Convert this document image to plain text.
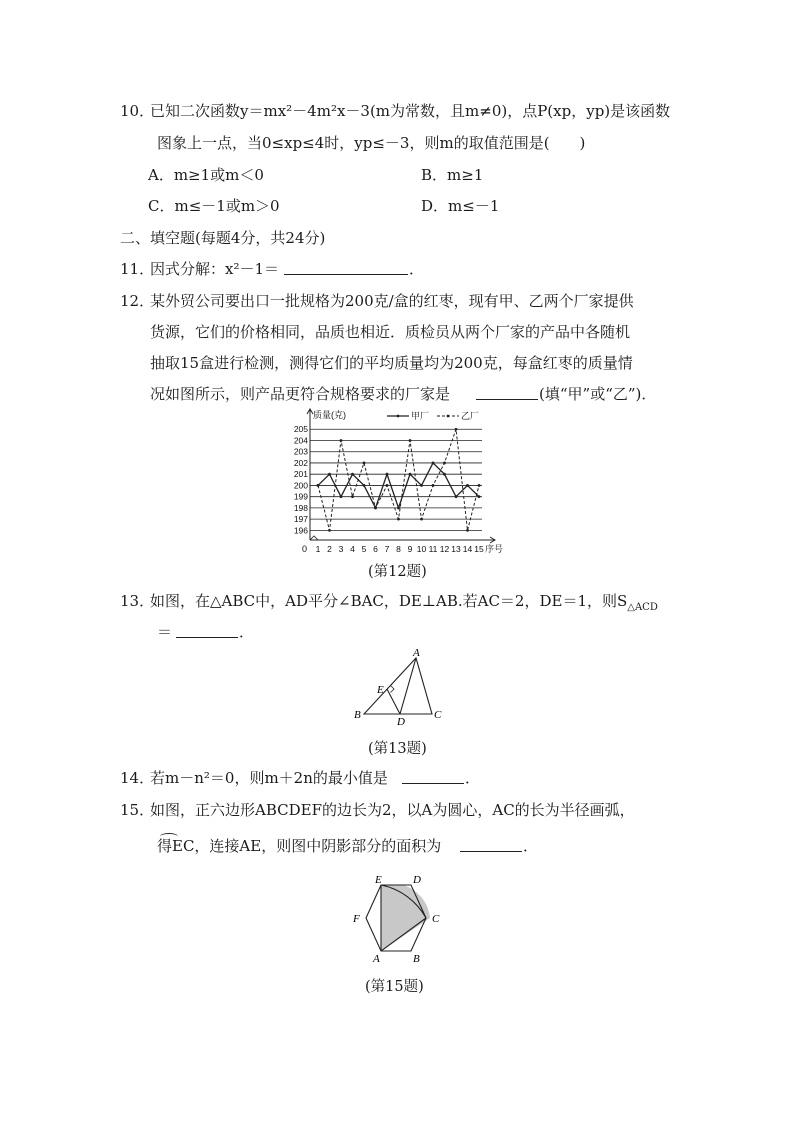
10．
已知二次函数y＝mx²－4m²x－3(m为常数，且m≠0)，点P(xp，yp)是该函数
图象上一点，当0≤xp≤4时，yp≤－3，则m的取值范围是(　　)
A．m≥1或m＜0	B．m≥1
C．m≤－1或m＞0	D．m≤－1
二、填空题(每题4分，共24分)
11．
因式分解：x²－1＝	．
12．
某外贸公司要出口一批规格为200克/盒的红枣，现有甲、乙两个厂家提供
货源，它们的价格相同，品质也相近．质检员从两个厂家的产品中各随机
抽取15盒进行检测，测得它们的平均质量均为200克，每盒红枣的质量情
况如图所示，则产品更符合规格要求的厂家是	(填“甲”或“乙”)．
196
197
198
199
200
201
202
203
204
205
质量(克)
序号
0 1 2 3 4 5 6 7 8 9 10 11 12 13 14 15
甲厂	乙厂
(第12题)
13．
如图，在△ABC中，AD平分∠BAC，DE⊥AB.若AC＝2，DE＝1，则$S_{\triangle ACD}$
＝	．
A
B	C
D
E
(第13题)
14．
若m－n²＝0，则m＋2n的最小值是	．
15．
如图，正六边形ABCDEF的边长为2，以A为圆心，AC的长为半径画弧，
得EC，连接AE，则图中阴影部分的面积为	．
A	B
C
D
E
F
(第15题)
